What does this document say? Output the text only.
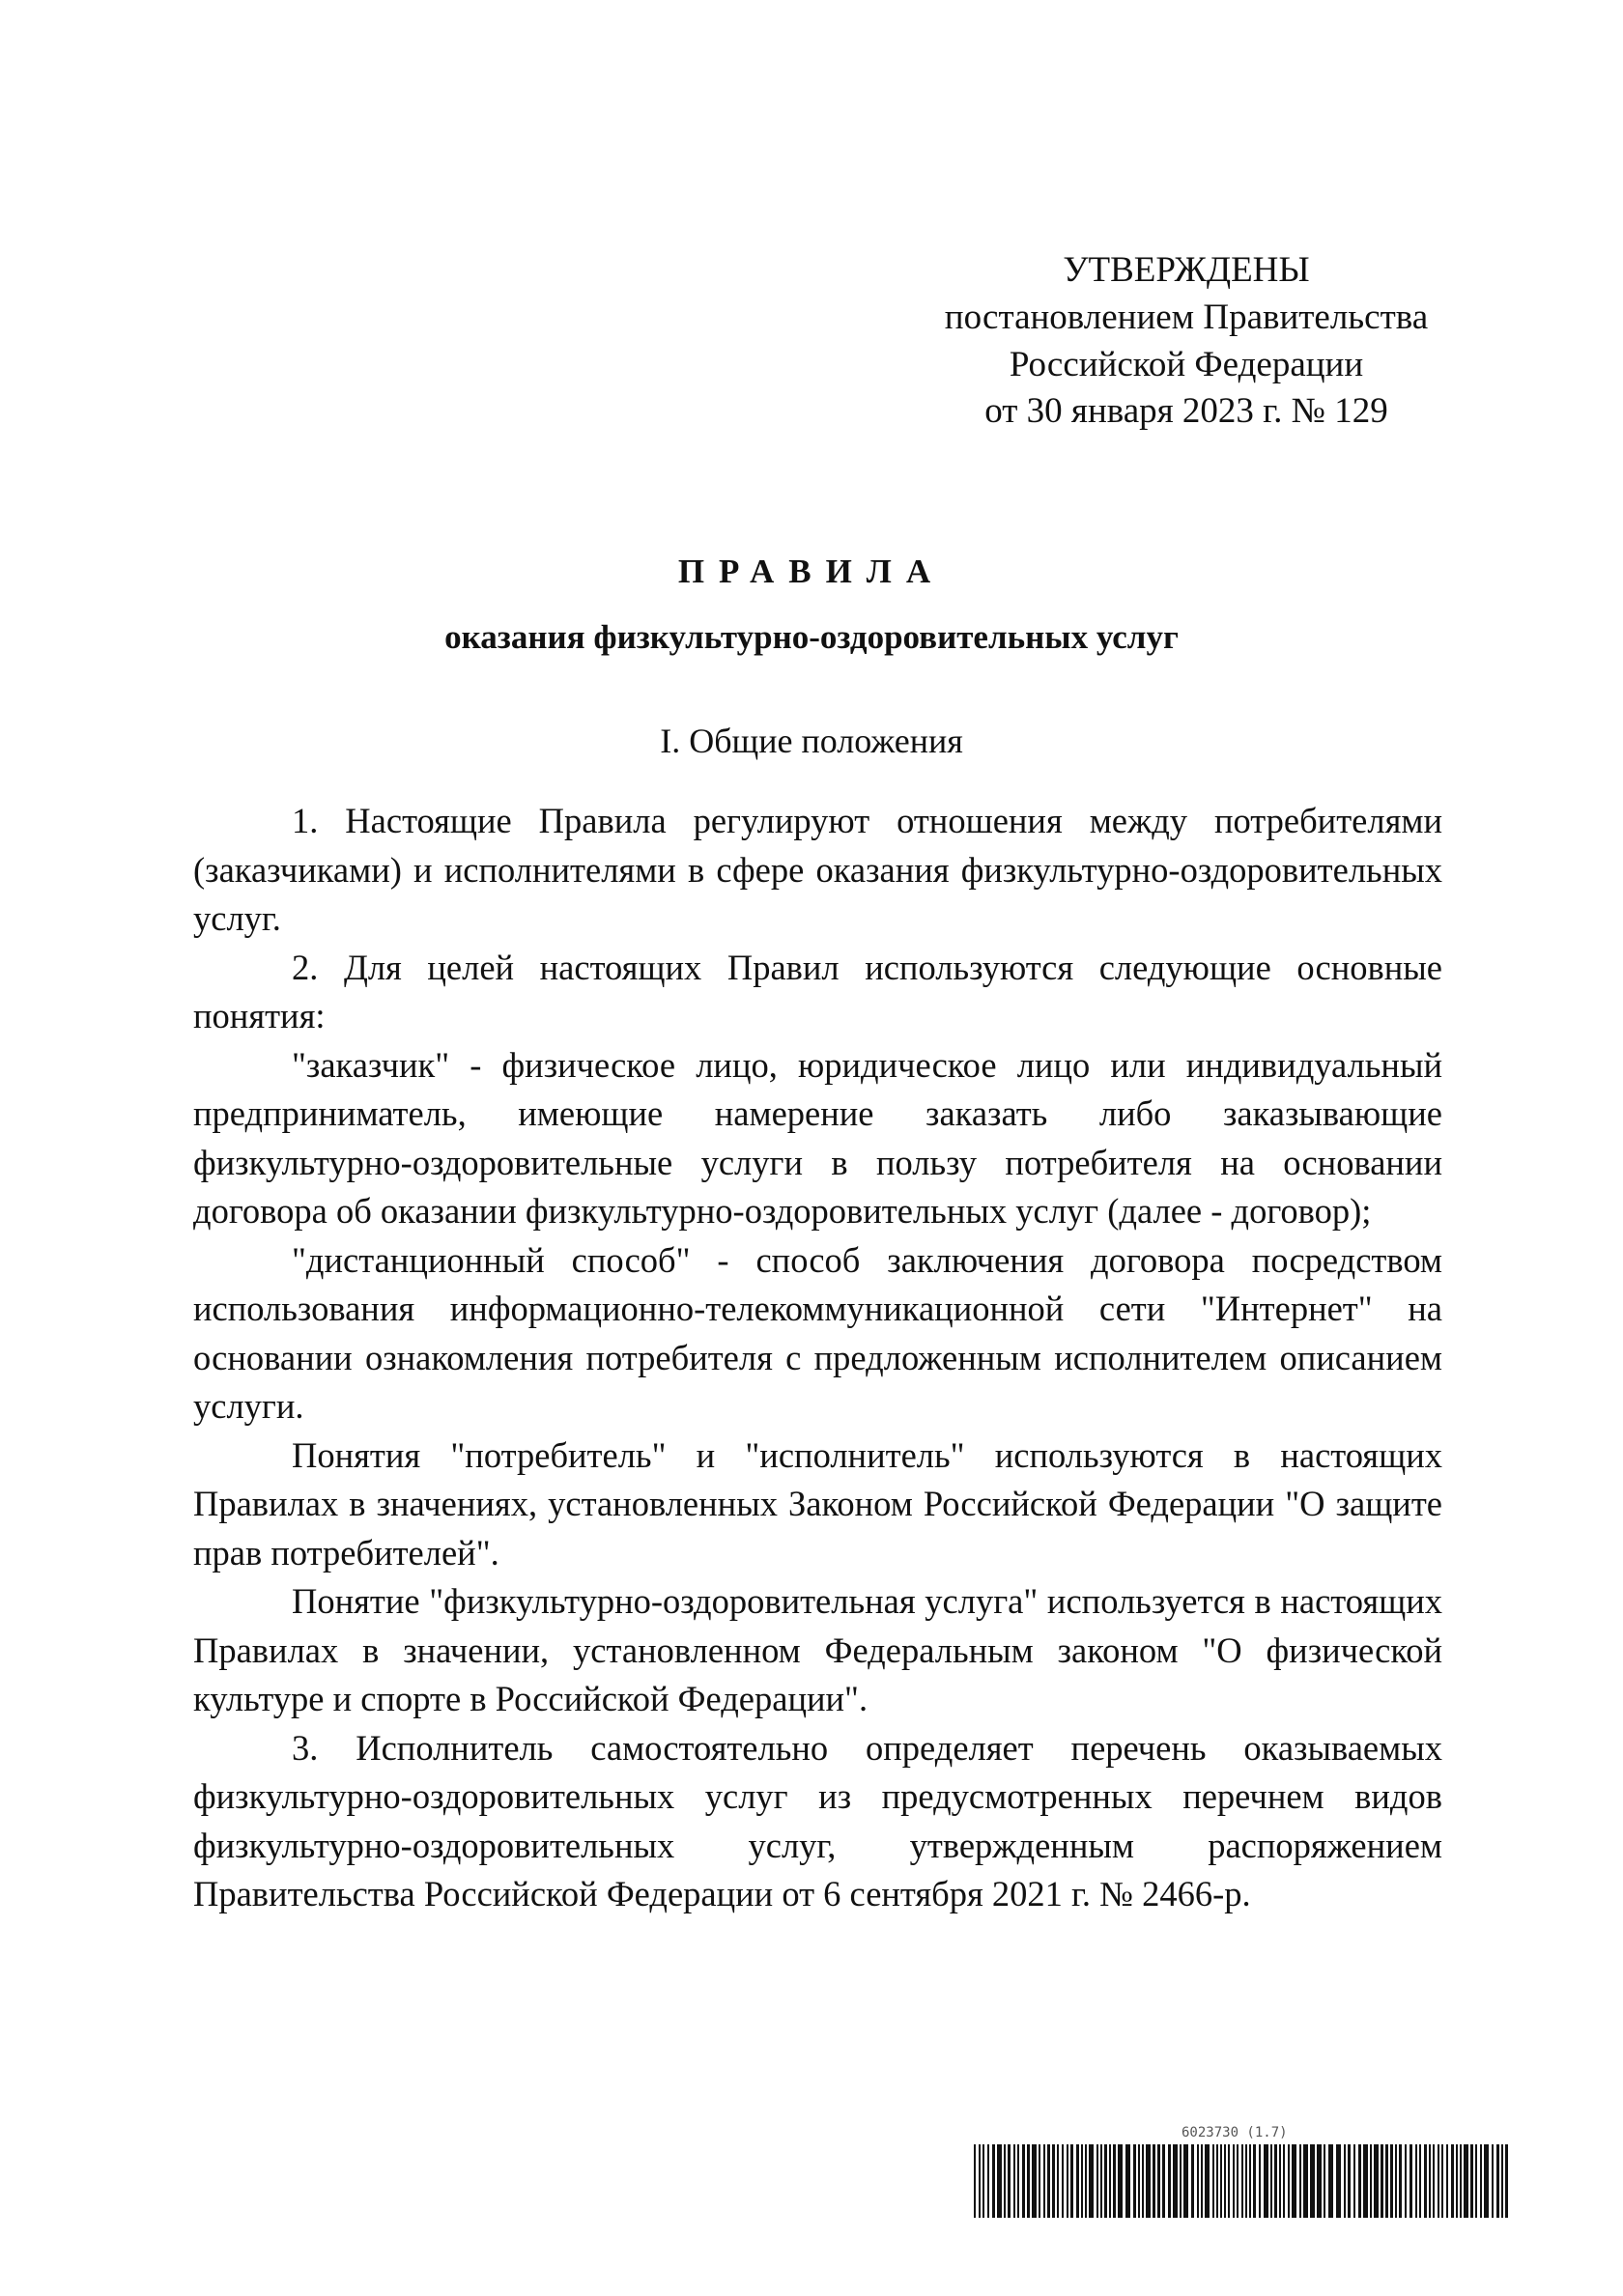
УТВЕРЖДЕНЫ
постановлением Правительства
Российской Федерации
от 30 января 2023 г. № 129
ПРАВИЛА
оказания физкультурно-оздоровительных услуг
I. Общие положения

1. Настоящие Правила регулируют отношения между потребителями (заказчиками) и исполнителями в сфере оказания физкультурно-оздоровительных услуг.

2. Для целей настоящих Правил используются следующие основные понятия:

"заказчик" - физическое лицо, юридическое лицо или индивидуальный предприниматель, имеющие намерение заказать либо заказывающие физкультурно-оздоровительные услуги в пользу потребителя на основании договора об оказании физкультурно-оздоровительных услуг (далее - договор);

"дистанционный способ" - способ заключения договора посредством использования информационно-телекоммуникационной сети "Интернет" на основании ознакомления потребителя с предложенным исполнителем описанием услуги.

Понятия "потребитель" и "исполнитель" используются в настоящих Правилах в значениях, установленных Законом Российской Федерации "О защите прав потребителей".

Понятие "физкультурно-оздоровительная услуга" используется в настоящих Правилах в значении, установленном Федеральным законом "О физической культуре и спорте в Российской Федерации".

3. Исполнитель самостоятельно определяет перечень оказываемых физкультурно-оздоровительных услуг из предусмотренных перечнем видов физкультурно-оздоровительных услуг, утвержденным распоряжением Правительства Российской Федерации от 6 сентября 2021 г. № 2466-р.

6023730 (1.7)
